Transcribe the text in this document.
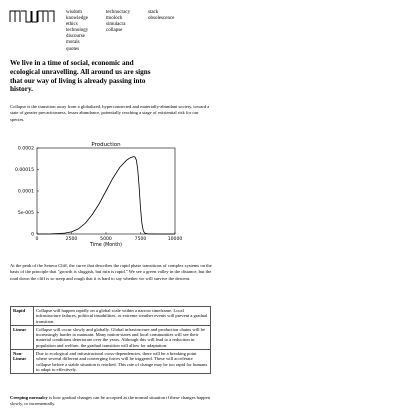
wisdom
knowledge
ethics
technology
discourse
morals
quotes
technocracy
ttooloch
simulacra
collapse
stack
obsolescence
We live in a time of social, economic and ecological unravelling. All around us are signs that our way of living is already passing into history.
Collapse is the transition away from a globalized, hyperconnected and materially-abundant society, toward a state of greater precariousness, lesser abundance, potentially reaching a stage of existential risk for our species.
Production
0	2500	5000	7500	10000
0
5e-005
0.0001
0.00015
0.0002
Time (Month)
At the peak of the Seneca Cliff, the curve that describes the rapid phase transitions of complex systems on the basis of the principle that "growth is sluggish, but ruin is rapid." We see a green valley in the distance, but the road down the cliff is so steep and rough that it is hard to say whether we will survive the descent.
Rapid	Collapse will happen rapidly on a global scale within a narrow timeframe. Local infrastructure failures, political instabilities, or extreme weather events will prevent a gradual transition.
Linear	Collapse will occur slowly and globally. Global infrastructure and production chains will be increasingly harder to maintain. Many nation-states and local communities will see their material conditions deteriorate over the years. Although this will lead to a reduction in population and welfare, the gradual transition will allow for adaptation.
Non-Linear	Due to ecological and infrastructural cross-dependencies, there will be a breaking point where several different and converging forces will be triggered. These will accelerate collapse before a stable situation is reached. This rate of change may be too rapid for humans to adapt to effectively.
Creeping normalcy is how gradual changes can be accepted as the normal situation if these changes happen slowly, or incrementally.
